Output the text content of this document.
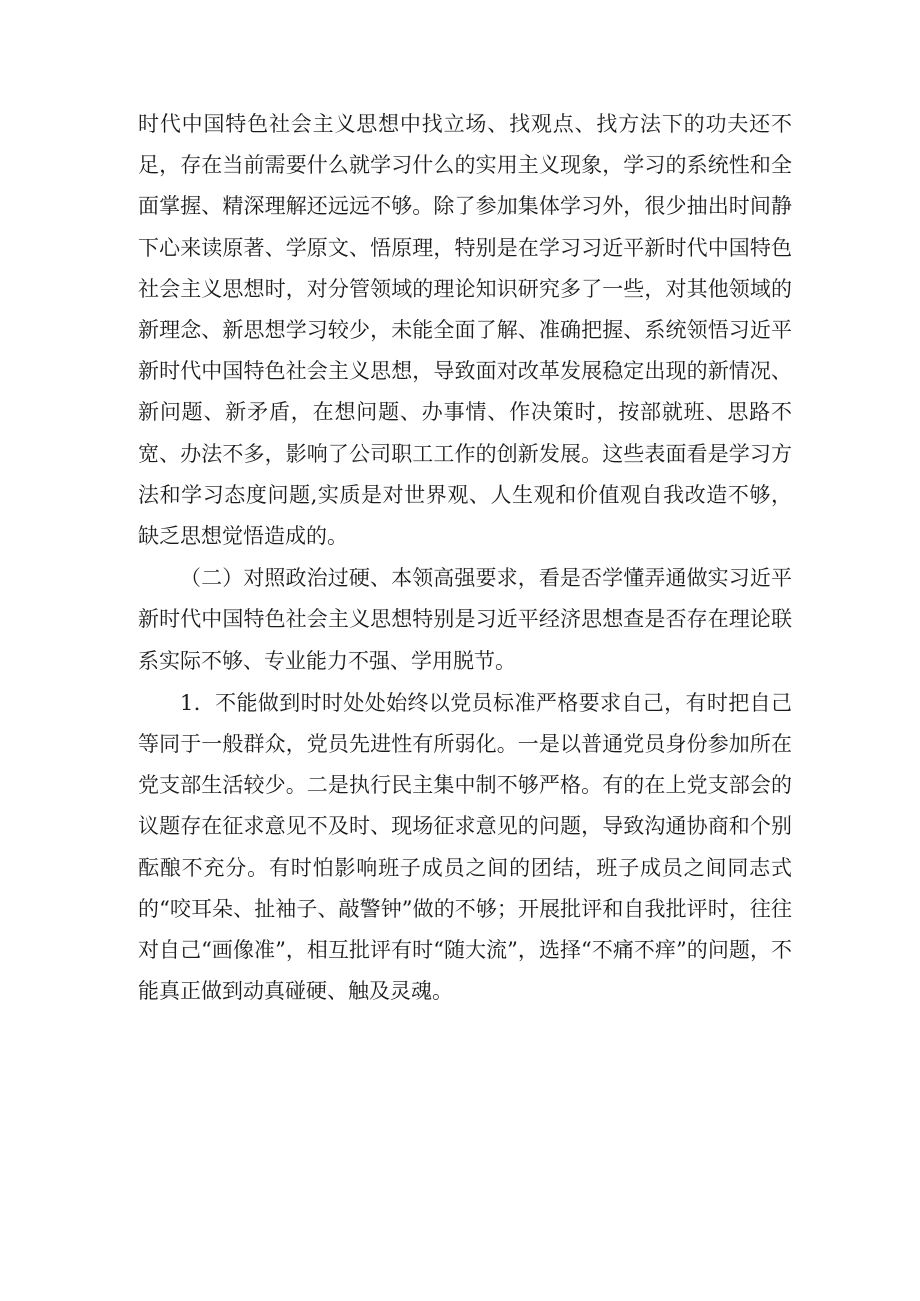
时代中国特色社会主义思想中找立场、找观点、找方法下的功夫还不足，存在当前需要什么就学习什么的实用主义现象，学习的系统性和全面掌握、精深理解还远远不够。除了参加集体学习外，很少抽出时间静下心来读原著、学原文、悟原理，特别是在学习习近平新时代中国特色社会主义思想时，对分管领域的理论知识研究多了一些，对其他领域的新理念、新思想学习较少，未能全面了解、准确把握、系统领悟习近平新时代中国特色社会主义思想，导致面对改革发展稳定出现的新情况、新问题、新矛盾，在想问题、办事情、作决策时，按部就班、思路不宽、办法不多，影响了公司职工工作的创新发展。这些表面看是学习方法和学习态度问题,实质是对世界观、人生观和价值观自我改造不够，缺乏思想觉悟造成的。

（二）对照政治过硬、本领高强要求，看是否学懂弄通做实习近平新时代中国特色社会主义思想特别是习近平经济思想查是否存在理论联系实际不够、专业能力不强、学用脱节。

1．不能做到时时处处始终以党员标准严格要求自己，有时把自己等同于一般群众，党员先进性有所弱化。一是以普通党员身份参加所在党支部生活较少。二是执行民主集中制不够严格。有的在上党支部会的议题存在征求意见不及时、现场征求意见的问题，导致沟通协商和个别酝酿不充分。有时怕影响班子成员之间的团结，班子成员之间同志式的“咬耳朵、扯袖子、敲警钟”做的不够；开展批评和自我批评时，往往对自己“画像准”，相互批评有时“随大流”，选择“不痛不痒”的问题，不能真正做到动真碰硬、触及灵魂。
